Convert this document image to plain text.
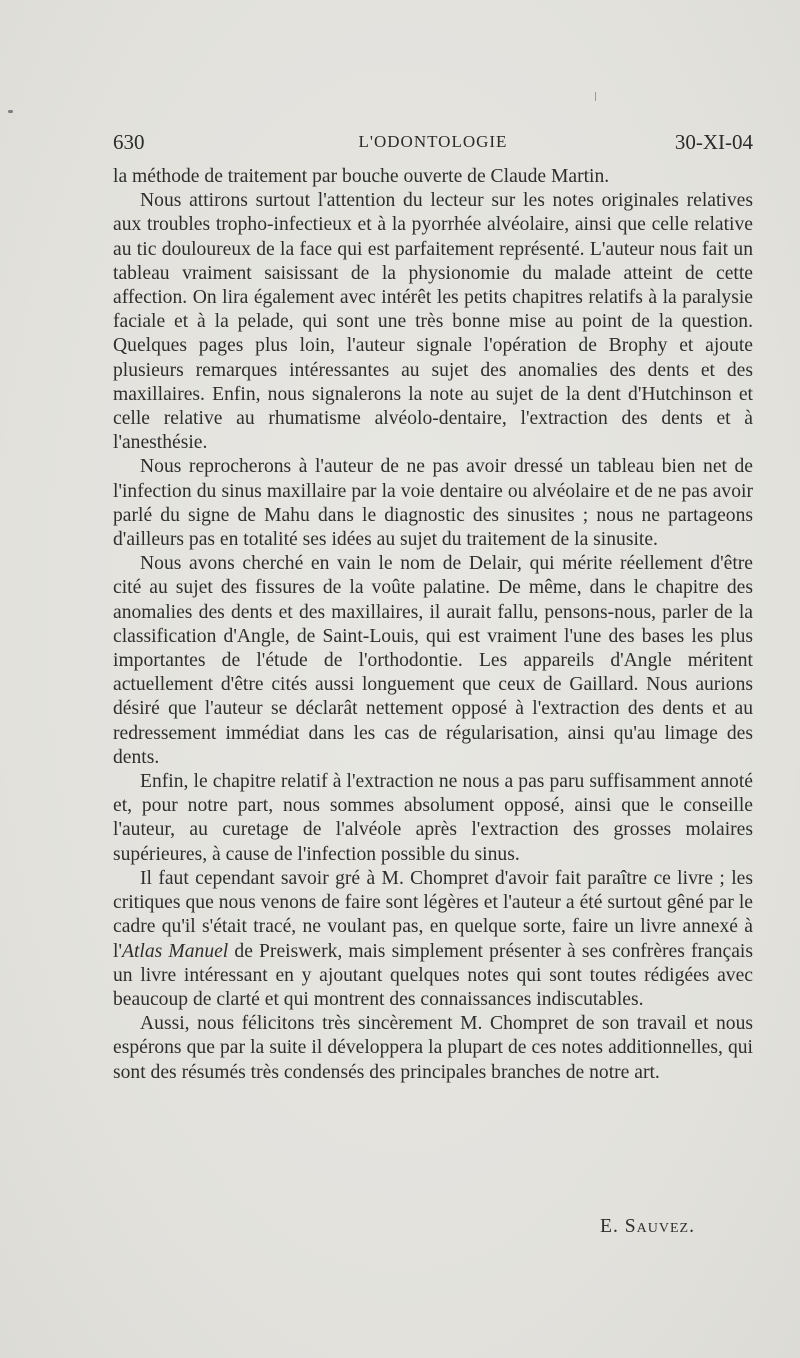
630	L'ODONTOLOGIE	30-XI-04

la méthode de traitement par bouche ouverte de Claude Martin.

Nous attirons surtout l'attention du lecteur sur les notes originales relatives aux troubles tropho-infectieux et à la pyorrhée alvéolaire, ainsi que celle relative au tic douloureux de la face qui est parfaitement représenté. L'auteur nous fait un tableau vraiment saisissant de la physionomie du malade atteint de cette affection. On lira également avec intérêt les petits chapitres relatifs à la paralysie faciale et à la pelade, qui sont une très bonne mise au point de la question. Quelques pages plus loin, l'auteur signale l'opération de Brophy et ajoute plusieurs remarques intéressantes au sujet des anomalies des dents et des maxillaires. Enfin, nous signalerons la note au sujet de la dent d'Hutchinson et celle relative au rhumatisme alvéolo-dentaire, l'extraction des dents et à l'anesthésie.

Nous reprocherons à l'auteur de ne pas avoir dressé un tableau bien net de l'infection du sinus maxillaire par la voie dentaire ou alvéolaire et de ne pas avoir parlé du signe de Mahu dans le diagnostic des sinusites ; nous ne partageons d'ailleurs pas en totalité ses idées au sujet du traitement de la sinusite.

Nous avons cherché en vain le nom de Delair, qui mérite réellement d'être cité au sujet des fissures de la voûte palatine. De même, dans le chapitre des anomalies des dents et des maxillaires, il aurait fallu, pensons-nous, parler de la classification d'Angle, de Saint-Louis, qui est vraiment l'une des bases les plus importantes de l'étude de l'orthodontie. Les appareils d'Angle méritent actuellement d'être cités aussi longuement que ceux de Gaillard. Nous aurions désiré que l'auteur se déclarât nettement opposé à l'extraction des dents et au redressement immédiat dans les cas de régularisation, ainsi qu'au limage des dents.

Enfin, le chapitre relatif à l'extraction ne nous a pas paru suffisamment annoté et, pour notre part, nous sommes absolument opposé, ainsi que le conseille l'auteur, au curetage de l'alvéole après l'extraction des grosses molaires supérieures, à cause de l'infection possible du sinus.

Il faut cependant savoir gré à M. Chompret d'avoir fait paraître ce livre ; les critiques que nous venons de faire sont légères et l'auteur a été surtout gêné par le cadre qu'il s'était tracé, ne voulant pas, en quelque sorte, faire un livre annexé à l'Atlas Manuel de Preiswerk, mais simplement présenter à ses confrères français un livre intéressant en y ajoutant quelques notes qui sont toutes rédigées avec beaucoup de clarté et qui montrent des connaissances indiscutables.

Aussi, nous félicitons très sincèrement M. Chompret de son travail et nous espérons que par la suite il développera la plupart de ces notes additionnelles, qui sont des résumés très condensés des principales branches de notre art.

E. Sauvez.
